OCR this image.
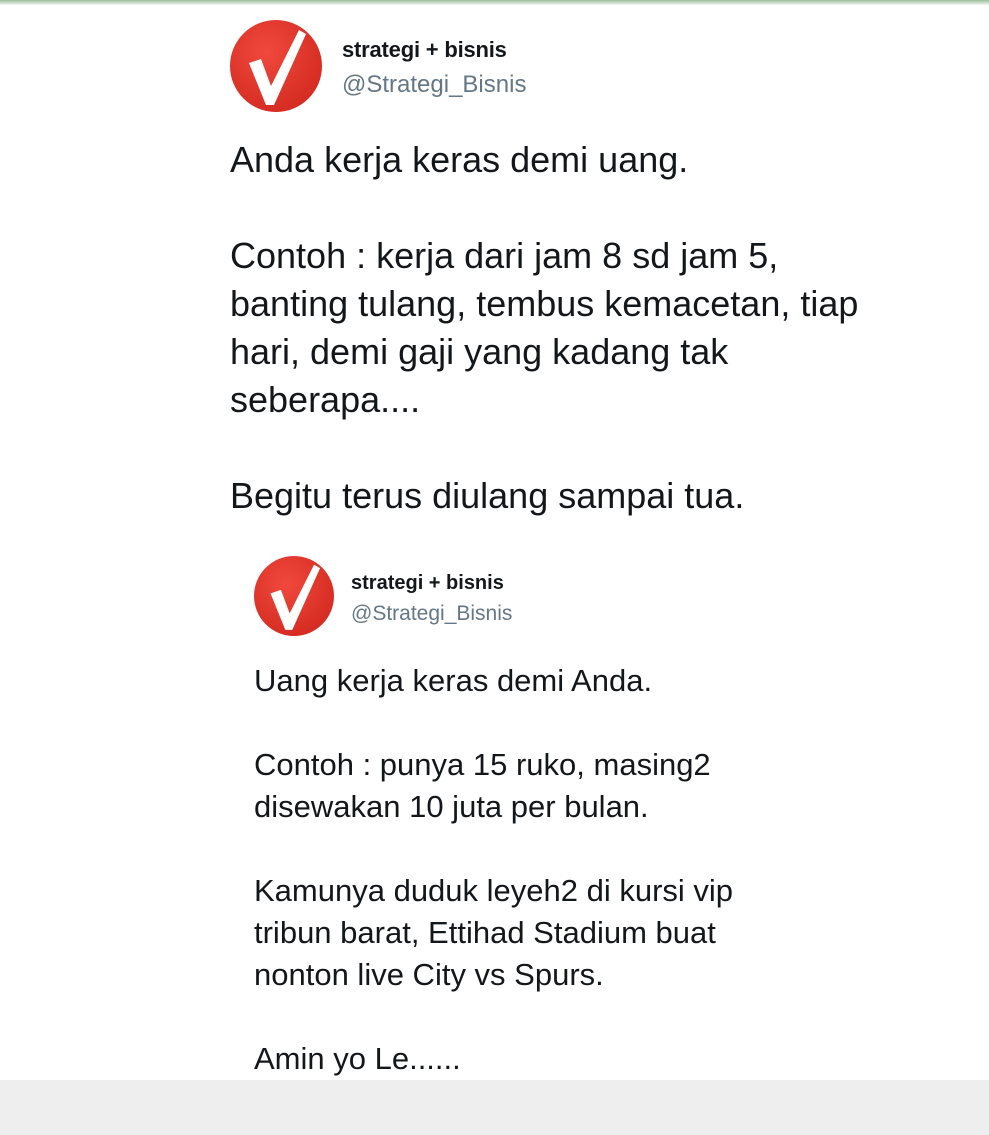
strategi + bisnis
@Strategi_Bisnis

Anda kerja keras demi uang.

Contoh : kerja dari jam 8 sd jam 5, banting tulang, tembus kemacetan, tiap hari, demi gaji yang kadang tak seberapa....

Begitu terus diulang sampai tua.

strategi + bisnis
@Strategi_Bisnis

Uang kerja keras demi Anda.

Contoh : punya 15 ruko, masing2 disewakan 10 juta per bulan.

Kamunya duduk leyeh2 di kursi vip tribun barat, Ettihad Stadium buat nonton live City vs Spurs.

Amin yo Le......
